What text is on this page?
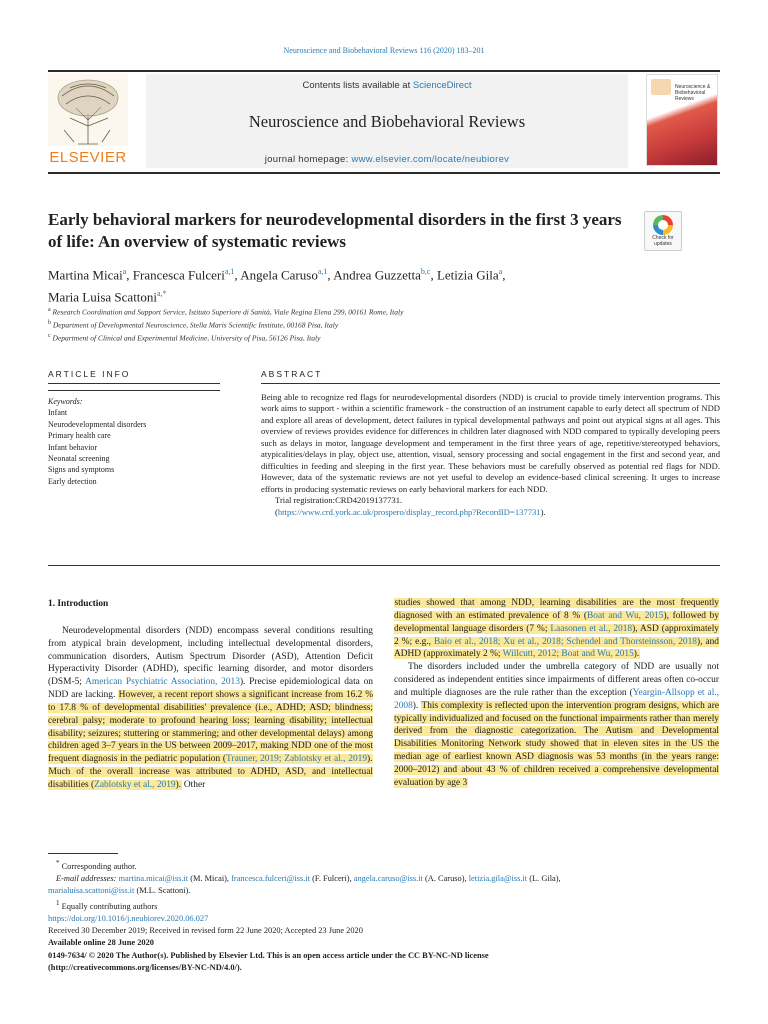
Neuroscience and Biobehavioral Reviews 116 (2020) 183–201
ELSEVIER
Contents lists available at ScienceDirect
Neuroscience and Biobehavioral Reviews
journal homepage: www.elsevier.com/locate/neubiorev
Neuroscience & Biobehavioral Reviews
Early behavioral markers for neurodevelopmental disorders in the first 3 years of life: An overview of systematic reviews	Check for updates
Martina Micai$^a$, Francesca Fulceri$^{a,1}$, Angela Caruso$^{a,1}$, Andrea Guzzetta$^{b,c}$, Letizia Gila$^a$,
Maria Luisa Scattoni$^{a,*}$
$^a$ Research Coordination and Support Service, Istituto Superiore di Sanità, Viale Regina Elena 299, 00161 Rome, Italy
$^b$ Department of Developmental Neuroscience, Stella Maris Scientific Institute, 00168 Pisa, Italy
$^c$ Department of Clinical and Experimental Medicine, University of Pisa, 56126 Pisa, Italy
ARTICLE INFO	ABSTRACT
Keywords:
Infant
Neurodevelopmental disorders
Primary health care
Infant behavior
Neonatal screening
Signs and symptoms
Early detection

Being able to recognize red flags for neurodevelopmental disorders (NDD) is crucial to provide timely intervention programs. This work aims to support - within a scientific framework - the construction of an instrument capable to early detect all spectrum of NDD and explore all areas of development, detect failures in typical developmental pathways and point out atypical signs at all ages. This overview of reviews provides evidence for differences in children later diagnosed with NDD compared to typically developing peers such as delays in motor, language development and temperament in the first three years of age, repetitive/stereotyped behaviors, atypicalities/delays in play, object use, attention, visual, sensory processing and social engagement in the first and second year, and difficulties in feeding and sleeping in the first year. These behaviors must be carefully observed as potential red flags for NDD. However, data of the systematic reviews are not yet useful to develop an evidence-based clinical screening. It urges to increase efforts in producing systematic reviews on early behavioral markers for each NDD.

Trial registration:CRD42019137731.

(https://www.crd.york.ac.uk/prospero/display_record.php?RecordID=137731).

1. Introduction

Neurodevelopmental disorders (NDD) encompass several conditions resulting from atypical brain development, including intellectual developmental disorders, communication disorders, Autism Spectrum Disorder (ASD), Attention Deficit Hyperactivity Disorder (ADHD), specific learning disorder, and motor disorders (DSM-5; American Psychiatric Association, 2013). Precise epidemiological data on NDD are lacking. However, a recent report shows a significant increase from 16.2 % to 17.8 % of developmental disabilities' prevalence (i.e., ADHD; ASD; blindness; cerebral palsy; moderate to profound hearing loss; learning disability; intellectual disability; seizures; stuttering or stammering; and other developmental delays) among children aged 3–7 years in the US between 2009–2017, making NDD one of the most frequent diagnosis in the pediatric population (Trauner, 2019; Zablotsky et al., 2019). Much of the overall increase was attributed to ADHD, ASD, and intellectual disabilities (Zablotsky et al., 2019). Other

studies showed that among NDD, learning disabilities are the most frequently diagnosed with an estimated prevalence of 8 % (Boat and Wu, 2015), followed by developmental language disorders (7 %; Laasonen et al., 2018), ASD (approximately 2 %; e.g., Baio et al., 2018; Xu et al., 2018; Schendel and Thorsteinsson, 2018), and ADHD (approximately 2 %; Willcutt, 2012; Boat and Wu, 2015).

The disorders included under the umbrella category of NDD are usually not considered as independent entities since impairments of different areas often co-occur and multiple diagnoses are the rule rather than the exception (Yeargin-Allsopp et al., 2008). This complexity is reflected upon the intervention program designs, which are typically individualized and focused on the functional impairments rather than merely derived from the diagnostic categorization. The Autism and Developmental Disabilities Monitoring Network study showed that in eleven sites in the US the median age of earliest known ASD diagnosis was 53 months (in the years range: 2000–2012) and about 43 % of children received a comprehensive developmental evaluation by age 3

* Corresponding author.
E-mail addresses: martina.micai@iss.it (M. Micai), francesca.fulceri@iss.it (F. Fulceri), angela.caruso@iss.it (A. Caruso), letizia.gila@iss.it (L. Gila),
marialuisa.scattoni@iss.it (M.L. Scattoni).
$^1$ Equally contributing authors
https://doi.org/10.1016/j.neubiorev.2020.06.027
Received 30 December 2019; Received in revised form 22 June 2020; Accepted 23 June 2020
Available online 28 June 2020
0149-7634/ © 2020 The Author(s). Published by Elsevier Ltd. This is an open access article under the CC BY-NC-ND license
(http://creativecommons.org/licenses/BY-NC-ND/4.0/).
